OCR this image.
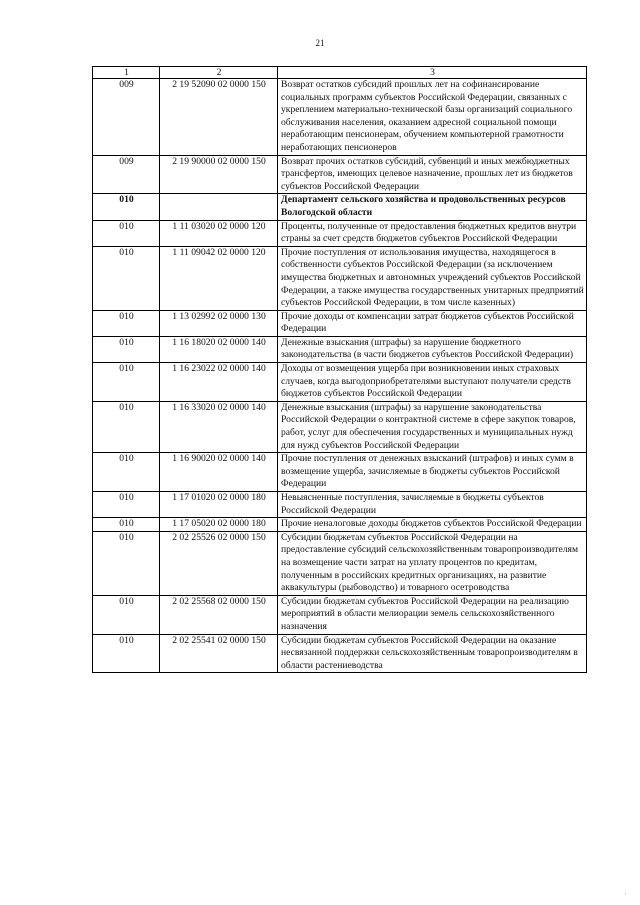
21
1	2	3
009	2 19 52090 02 0000 150	Возврат остатков субсидий прошлых лет на софинансирование социальных программ субъектов Российской Федерации, связанных с укреплением материально-технической базы организаций социального обслуживания населения, оказанием адресной социальной помощи неработающим пенсионерам, обучением компьютерной грамотности неработающих пенсионеров
009	2 19 90000 02 0000 150	Возврат прочих остатков субсидий, субвенций и иных межбюджетных трансфертов, имеющих целевое назначение, прошлых лет из бюджетов субъектов Российской Федерации
010		Департамент сельского хозяйства и продовольственных ресурсов Вологодской области
010	1 11 03020 02 0000 120	Проценты, полученные от предоставления бюджетных кредитов внутри страны за счет средств бюджетов субъектов Российской Федерации
010	1 11 09042 02 0000 120	Прочие поступления от использования имущества, находящегося в собственности субъектов Российской Федерации (за исключением имущества бюджетных и автономных учреждений субъектов Российской Федерации, а также имущества государственных унитарных предприятий субъектов Российской Федерации, в том числе казенных)
010	1 13 02992 02 0000 130	Прочие доходы от компенсации затрат бюджетов субъектов Российской Федерации
010	1 16 18020 02 0000 140	Денежные взыскания (штрафы) за нарушение бюджетного законодательства (в части бюджетов субъектов Российской Федерации)
010	1 16 23022 02 0000 140	Доходы от возмещения ущерба при возникновении иных страховых случаев, когда выгодоприобретателями выступают получатели средств бюджетов субъектов Российской Федерации
010	1 16 33020 02 0000 140	Денежные взыскания (штрафы) за нарушение законодательства Российской Федерации о контрактной системе в сфере закупок товаров, работ, услуг для обеспечения государственных и муниципальных нужд для нужд субъектов Российской Федерации
010	1 16 90020 02 0000 140	Прочие поступления от денежных взысканий (штрафов) и иных сумм в возмещение ущерба, зачисляемые в бюджеты субъектов Российской Федерации
010	1 17 01020 02 0000 180	Невыясненные поступления, зачисляемые в бюджеты субъектов Российской Федерации
010	1 17 05020 02 0000 180	Прочие неналоговые доходы бюджетов субъектов Российской Федерации
010	2 02 25526 02 0000 150	Субсидии бюджетам субъектов Российской Федерации на предоставление субсидий сельскохозяйственным товаропроизводителям на возмещение части затрат на уплату процентов по кредитам, полученным в российских кредитных организациях, на развитие аквакультуры (рыбоводство) и товарного осетроводства
010	2 02 25568 02 0000 150	Субсидии бюджетам субъектов Российской Федерации на реализацию мероприятий в области мелиорации земель сельскохозяйственного назначения
010	2 02 25541 02 0000 150	Субсидии бюджетам субъектов Российской Федерации на оказание несвязанной поддержки сельскохозяйственным товаропроизводителям в области растениеводства
'
